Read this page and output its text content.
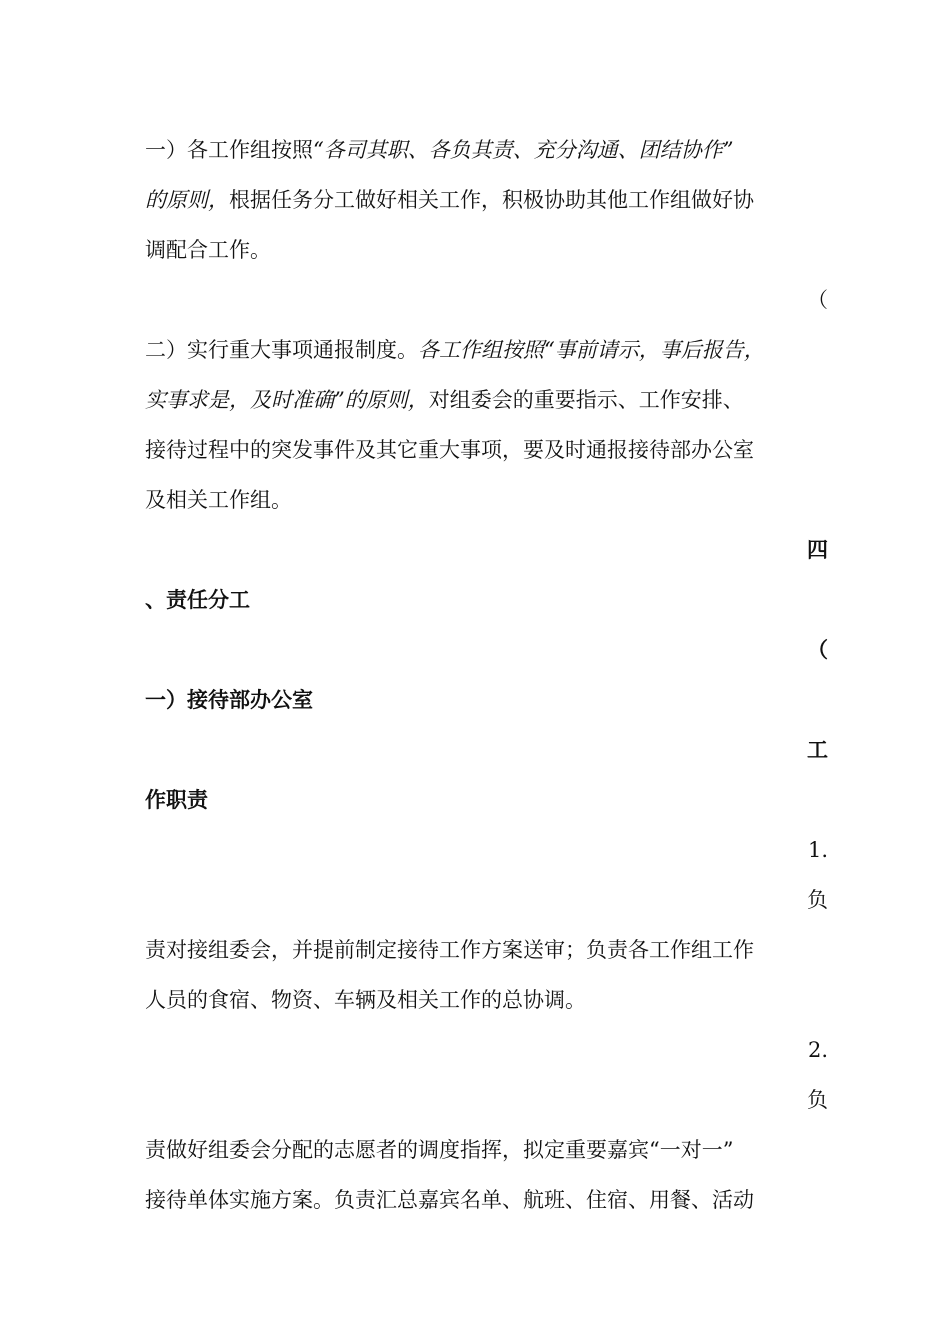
一）各工作组按照“各司其职、各负其责、充分沟通、团结协作”
的原则，根据任务分工做好相关工作，积极协助其他工作组做好协
调配合工作。
（
二）实行重大事项通报制度。各工作组按照“事前请示，事后报告，
实事求是，及时准确”的原则，对组委会的重要指示、工作安排、
接待过程中的突发事件及其它重大事项，要及时通报接待部办公室
及相关工作组。
四
、责任分工
（
一）接待部办公室
工
作职责
1.
负
责对接组委会，并提前制定接待工作方案送审；负责各工作组工作
人员的食宿、物资、车辆及相关工作的总协调。
2.
负
责做好组委会分配的志愿者的调度指挥，拟定重要嘉宾“一对一”
接待单体实施方案。负责汇总嘉宾名单、航班、住宿、用餐、活动
